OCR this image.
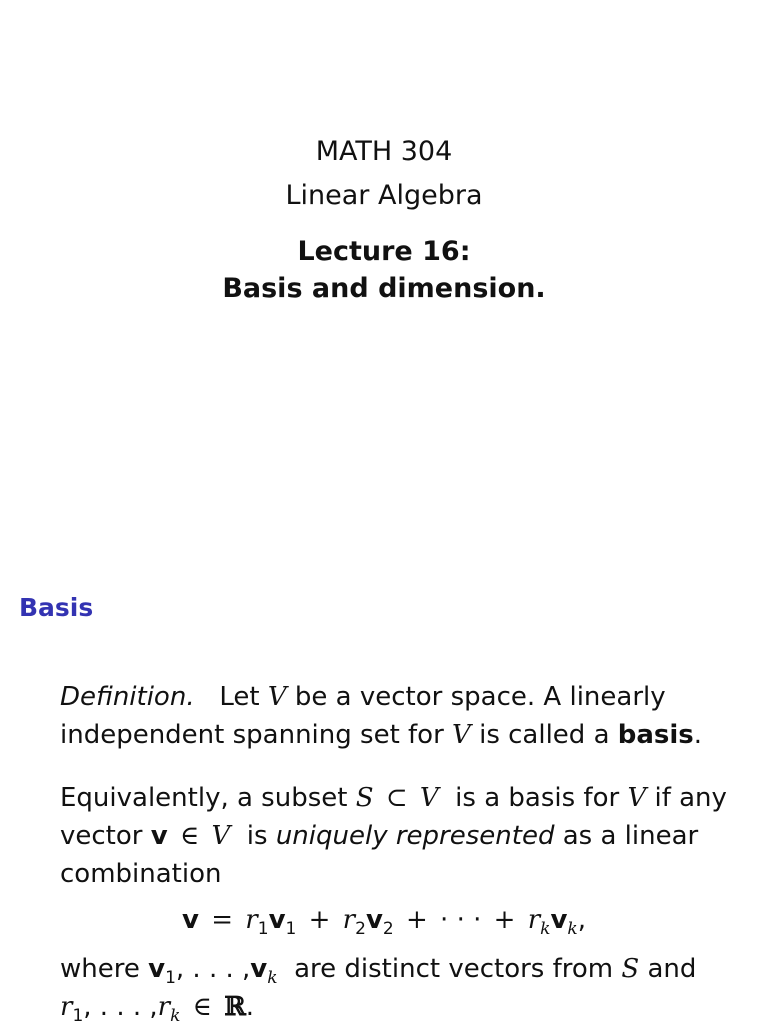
MATH 304
Linear Algebra
Lecture 16:
Basis and dimension.
Basis
Definition. Let V be a vector space. A linearly
independent spanning set for V is called a basis.
Equivalently, a subset S ⊂ V is a basis for V if any
vector v ∈ V is uniquely represented as a linear
combination
$v = r_1v_1 + r_2v_2$ + · · · + $r_kv_k$,
where $v_1$, . . . $,v_k$ are distinct vectors from S and
$r_1$, . . . $,r_k$ ∈ ℝ.
